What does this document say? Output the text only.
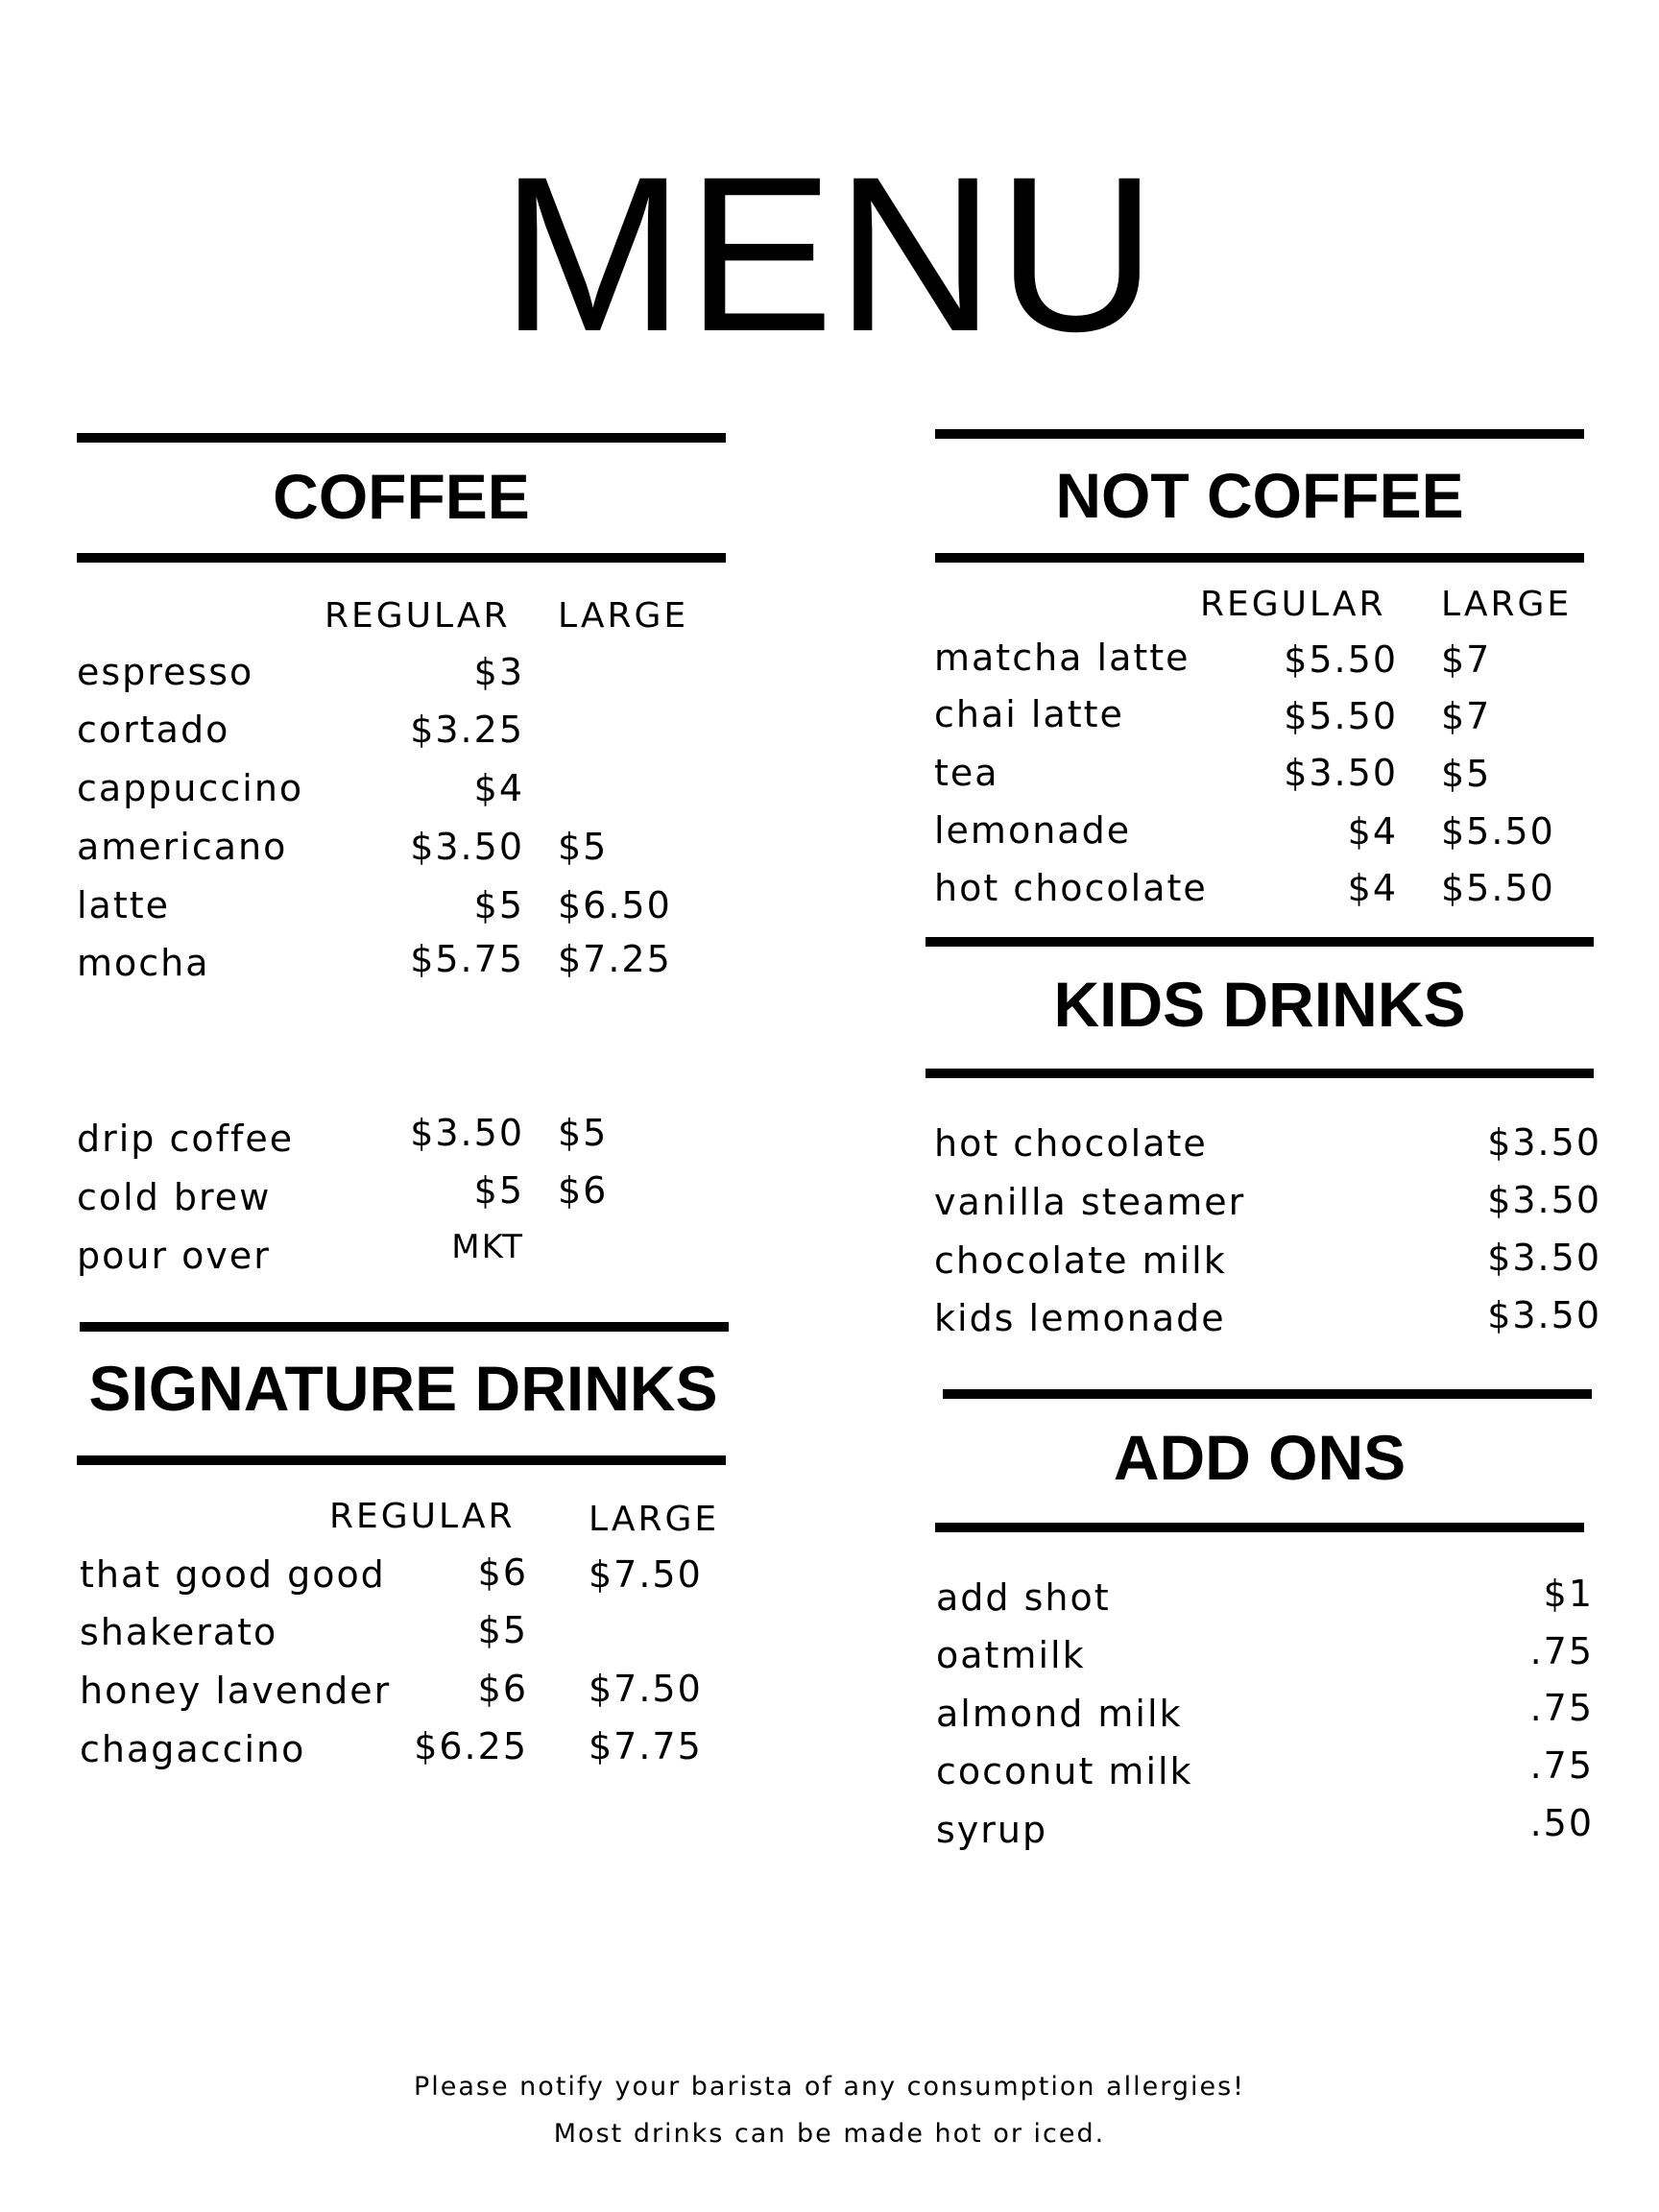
MENU
COFFEE
REGULAR LARGE
espresso	$3
cortado	$3.25
cappuccino	$4
americano	$3.50 $5
latte	$5 $6.50
mocha	$5.75 $7.25
drip coffee	$3.50 $5
cold brew	$5 $6
pour over	MKT
SIGNATURE DRINKS
REGULAR LARGE
that good good	$6 $7.50
shakerato	$5
honey lavender	$6 $7.50
chagaccino	$6.25 $7.75
NOT COFFEE
REGULAR LARGE
matcha latte	$5.50 $7
chai latte	$5.50 $7
tea	$3.50 $5
lemonade	$4 $5.50
hot chocolate	$4 $5.50
KIDS DRINKS
hot chocolate	$3.50
vanilla steamer	$3.50
chocolate milk	$3.50
kids lemonade	$3.50
ADD ONS
add shot	$1
oatmilk	.75
almond milk	.75
coconut milk	.75
syrup	.50
Please notify your barista of any consumption allergies!
Most drinks can be made hot or iced.
